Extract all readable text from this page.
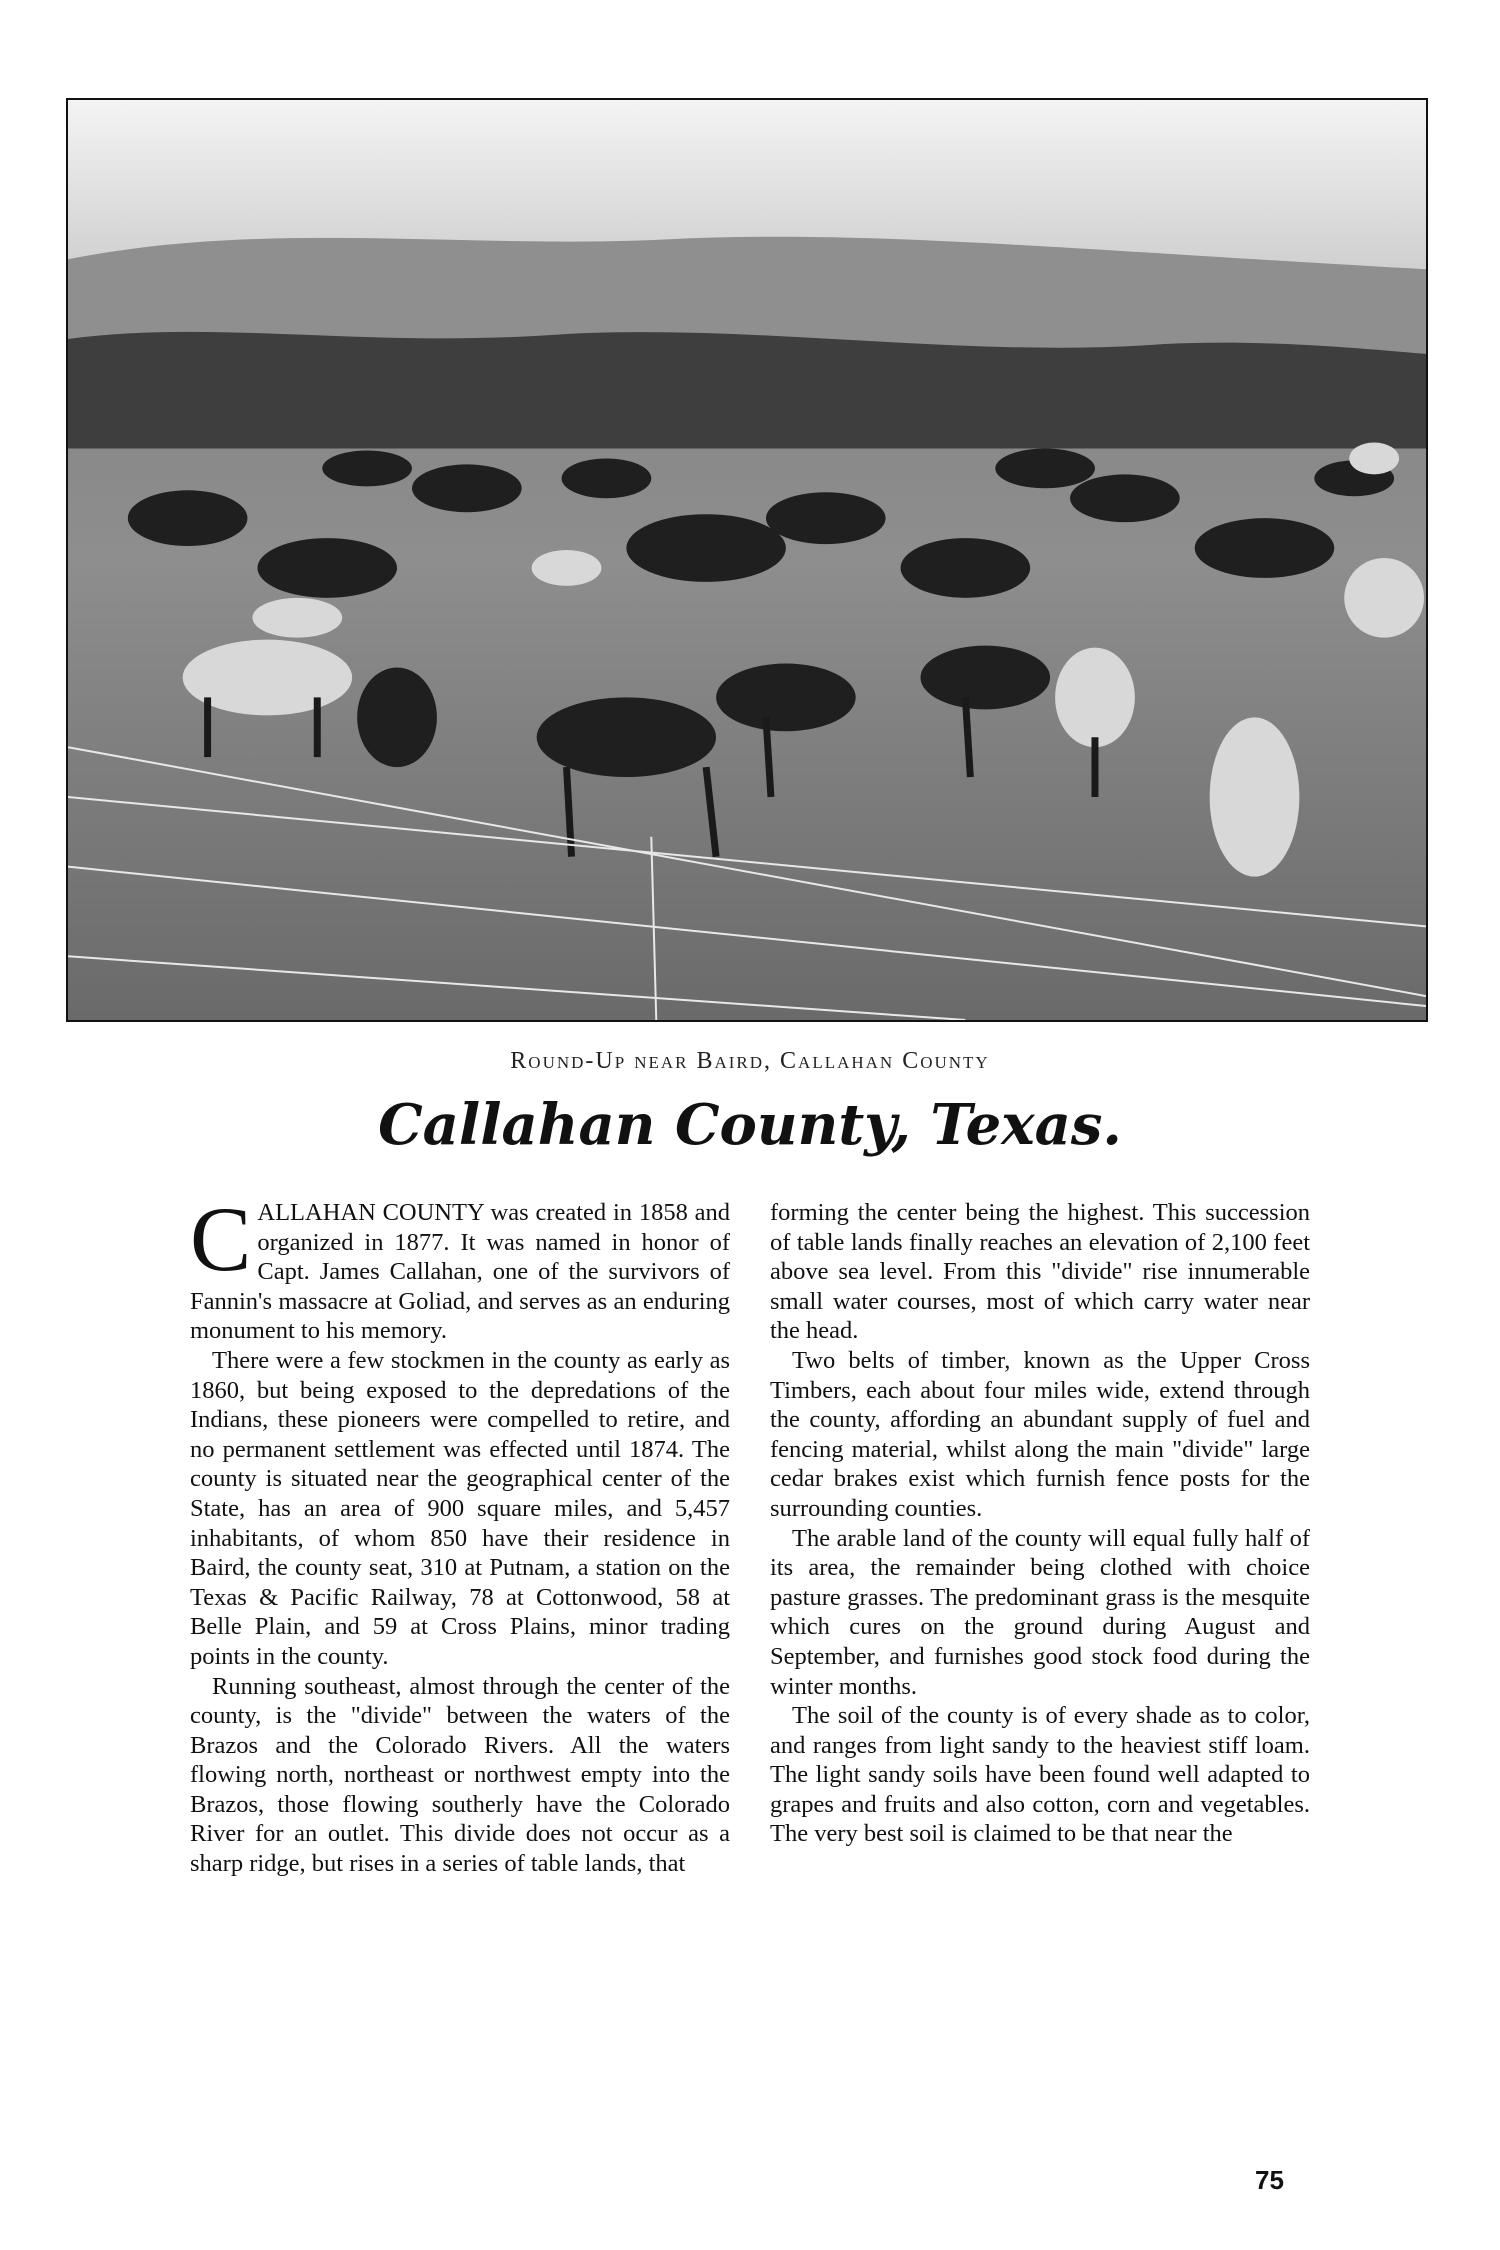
Round-Up near Baird, Callahan County
Callahan County, Texas.

CALLAHAN COUNTY was created in 1858 and organized in 1877. It was named in honor of Capt. James Callahan, one of the survivors of Fannin's massacre at Goliad, and serves as an enduring monument to his memory.

There were a few stockmen in the county as early as 1860, but being exposed to the depredations of the Indians, these pioneers were compelled to retire, and no permanent settlement was effected until 1874. The county is situated near the geographical center of the State, has an area of 900 square miles, and 5,457 inhabitants, of whom 850 have their residence in Baird, the county seat, 310 at Putnam, a station on the Texas & Pacific Railway, 78 at Cottonwood, 58 at Belle Plain, and 59 at Cross Plains, minor trading points in the county.

Running southeast, almost through the center of the county, is the "divide" between the waters of the Brazos and the Colorado Rivers. All the waters flowing north, northeast or northwest empty into the Brazos, those flowing southerly have the Colorado River for an outlet. This divide does not occur as a sharp ridge, but rises in a series of table lands, that

forming the center being the highest. This succession of table lands finally reaches an elevation of 2,100 feet above sea level. From this "divide" rise innumerable small water courses, most of which carry water near the head.

Two belts of timber, known as the Upper Cross Timbers, each about four miles wide, extend through the county, affording an abundant supply of fuel and fencing material, whilst along the main "divide" large cedar brakes exist which furnish fence posts for the surrounding counties.

The arable land of the county will equal fully half of its area, the remainder being clothed with choice pasture grasses. The predominant grass is the mesquite which cures on the ground during August and September, and furnishes good stock food during the winter months.

The soil of the county is of every shade as to color, and ranges from light sandy to the heaviest stiff loam. The light sandy soils have been found well adapted to grapes and fruits and also cotton, corn and vegetables. The very best soil is claimed to be that near the

75
